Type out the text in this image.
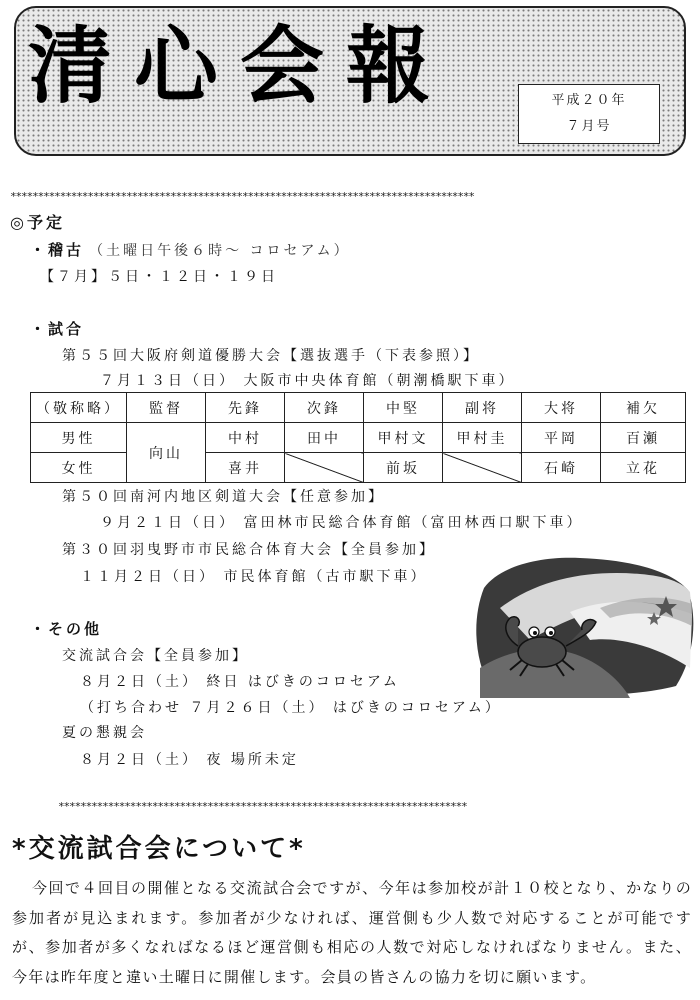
清心会報	平成２０年
７月号
************************************************************************************
◎予定
・稽古 （土曜日午後６時～ コロセアム）
【７月】５日・１２日・１９日
・試合
第５５回大阪府剣道優勝大会【選抜選手（下表参照）】
７月１３日（日） 大阪市中央体育館（朝潮橋駅下車）
（敬称略）	監督	先鋒	次鋒	中堅	副将	大将	補欠
男性	向山	中村	田中	甲村文	甲村圭	平岡	百瀬
女性		喜井		前坂		石崎	立花
第５０回南河内地区剣道大会【任意参加】
９月２１日（日） 富田林市民総合体育館（富田林西口駅下車）
第３０回羽曳野市市民総合体育大会【全員参加】
１１月２日（日） 市民体育館（古市駅下車）
・その他
交流試合会【全員参加】
８月２日（土） 終日 はびきのコロセアム
（打ち合わせ ７月２６日（土） はびきのコロセアム）
夏の懇親会
８月２日（土） 夜 場所未定
**************************************************************************
*交流試合会について*
今回で４回目の開催となる交流試合会ですが、今年は参加校が計１０校となり、かなりの参加者が見込まれます。参加者が少なければ、運営側も少人数で対応することが可能ですが、参加者が多くなればなるほど運営側も相応の人数で対応しなければなりません。また、今年は昨年度と違い土曜日に開催します。会員の皆さんの協力を切に願います。
